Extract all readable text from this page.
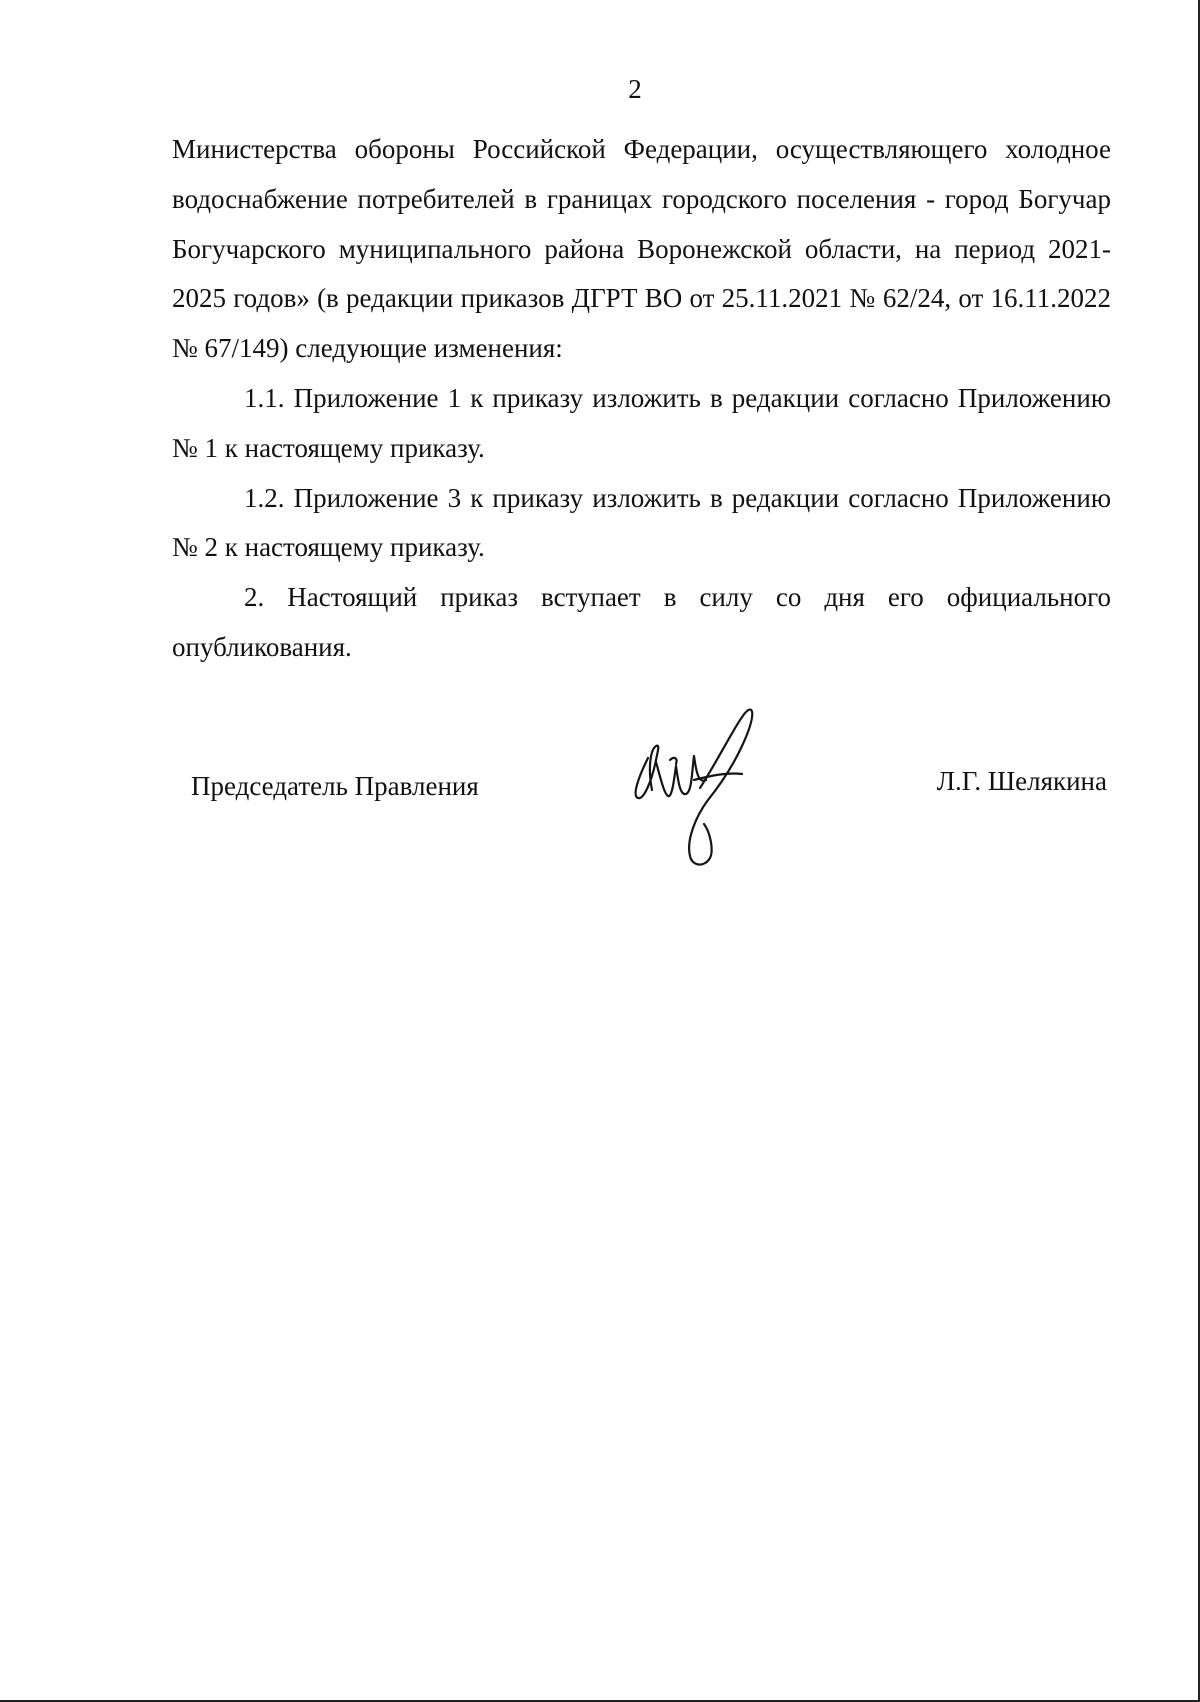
2

Министерства обороны Российской Федерации, осуществляющего холодное водоснабжение потребителей в границах городского поселения - город Богучар Богучарского муниципального района Воронежской области, на период 2021-2025 годов» (в редакции приказов ДГРТ ВО от 25.11.2021 № 62/24, от 16.11.2022 № 67/149) следующие изменения:

1.1. Приложение 1 к приказу изложить в редакции согласно Приложению № 1 к настоящему приказу.

1.2. Приложение 3 к приказу изложить в редакции согласно Приложению № 2 к настоящему приказу.

2. Настоящий приказ вступает в силу со дня его официального опубликования.

Председатель Правления	Л.Г. Шелякина
